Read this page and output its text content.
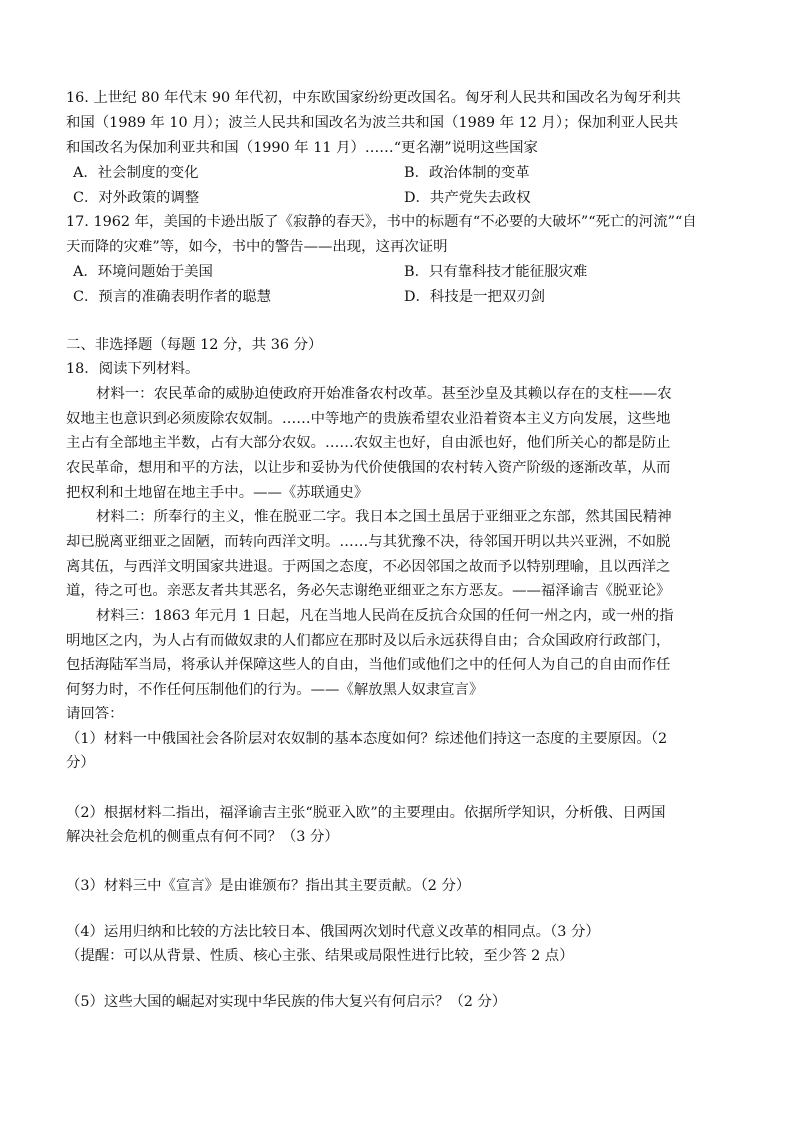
16. 上世纪 80 年代末 90 年代初，中东欧国家纷纷更改国名。匈牙利人民共和国改名为匈牙利共
和国（1989 年 10 月）；波兰人民共和国改名为波兰共和国（1989 年 12 月）；保加利亚人民共
和国改名为保加利亚共和国（1990 年 11 月）……“更名潮”说明这些国家
A．社会制度的变化	B．政治体制的变革
C．对外政策的调整	D．共产党失去政权
17. 1962 年，美国的卡逊出版了《寂静的春天》，书中的标题有“不必要的大破坏”“死亡的河流”“自
天而降的灾难”等，如今，书中的警告——出现，这再次证明
A．环境问题始于美国	B．只有靠科技才能征服灾难
C．预言的准确表明作者的聪慧	D．科技是一把双刃剑
二、非选择题（每题 12 分，共 36 分）
18．阅读下列材料。
材料一：农民革命的威胁迫使政府开始准备农村改革。甚至沙皇及其赖以存在的支柱——农
奴地主也意识到必须废除农奴制。……中等地产的贵族希望农业沿着资本主义方向发展，这些地
主占有全部地主半数，占有大部分农奴。……农奴主也好，自由派也好，他们所关心的都是防止
农民革命，想用和平的方法，以让步和妥协为代价使俄国的农村转入资产阶级的逐渐改革，从而
把权利和土地留在地主手中。——《苏联通史》
材料二：所奉行的主义，惟在脱亚二字。我日本之国土虽居于亚细亚之东部，然其国民精神
却已脱离亚细亚之固陋，而转向西洋文明。……与其犹豫不决，待邻国开明以共兴亚洲，不如脱
离其伍，与西洋文明国家共进退。于两国之态度，不必因邻国之故而予以特别理喻，且以西洋之
道，待之可也。亲恶友者共其恶名，务必矢志谢绝亚细亚之东方恶友。——福泽谕吉《脱亚论》
材料三：1863 年元月 1 日起，凡在当地人民尚在反抗合众国的任何一州之内，或一州的指
明地区之内，为人占有而做奴隶的人们都应在那时及以后永远获得自由；合众国政府行政部门，
包括海陆军当局，将承认并保障这些人的自由，当他们或他们之中的任何人为自己的自由而作任
何努力时，不作任何压制他们的行为。——《解放黑人奴隶宣言》
请回答：
（1）材料一中俄国社会各阶层对农奴制的基本态度如何？综述他们持这一态度的主要原因。（2
分）
（2）根据材料二指出，福泽谕吉主张“脱亚入欧”的主要理由。依据所学知识，分析俄、日两国
解决社会危机的侧重点有何不同？（3 分）
（3）材料三中《宣言》是由谁颁布？指出其主要贡献。（2 分）
（4）运用归纳和比较的方法比较日本、俄国两次划时代意义改革的相同点。（3 分）
（提醒：可以从背景、性质、核心主张、结果或局限性进行比较，至少答 2 点）
（5）这些大国的崛起对实现中华民族的伟大复兴有何启示？（2 分）
